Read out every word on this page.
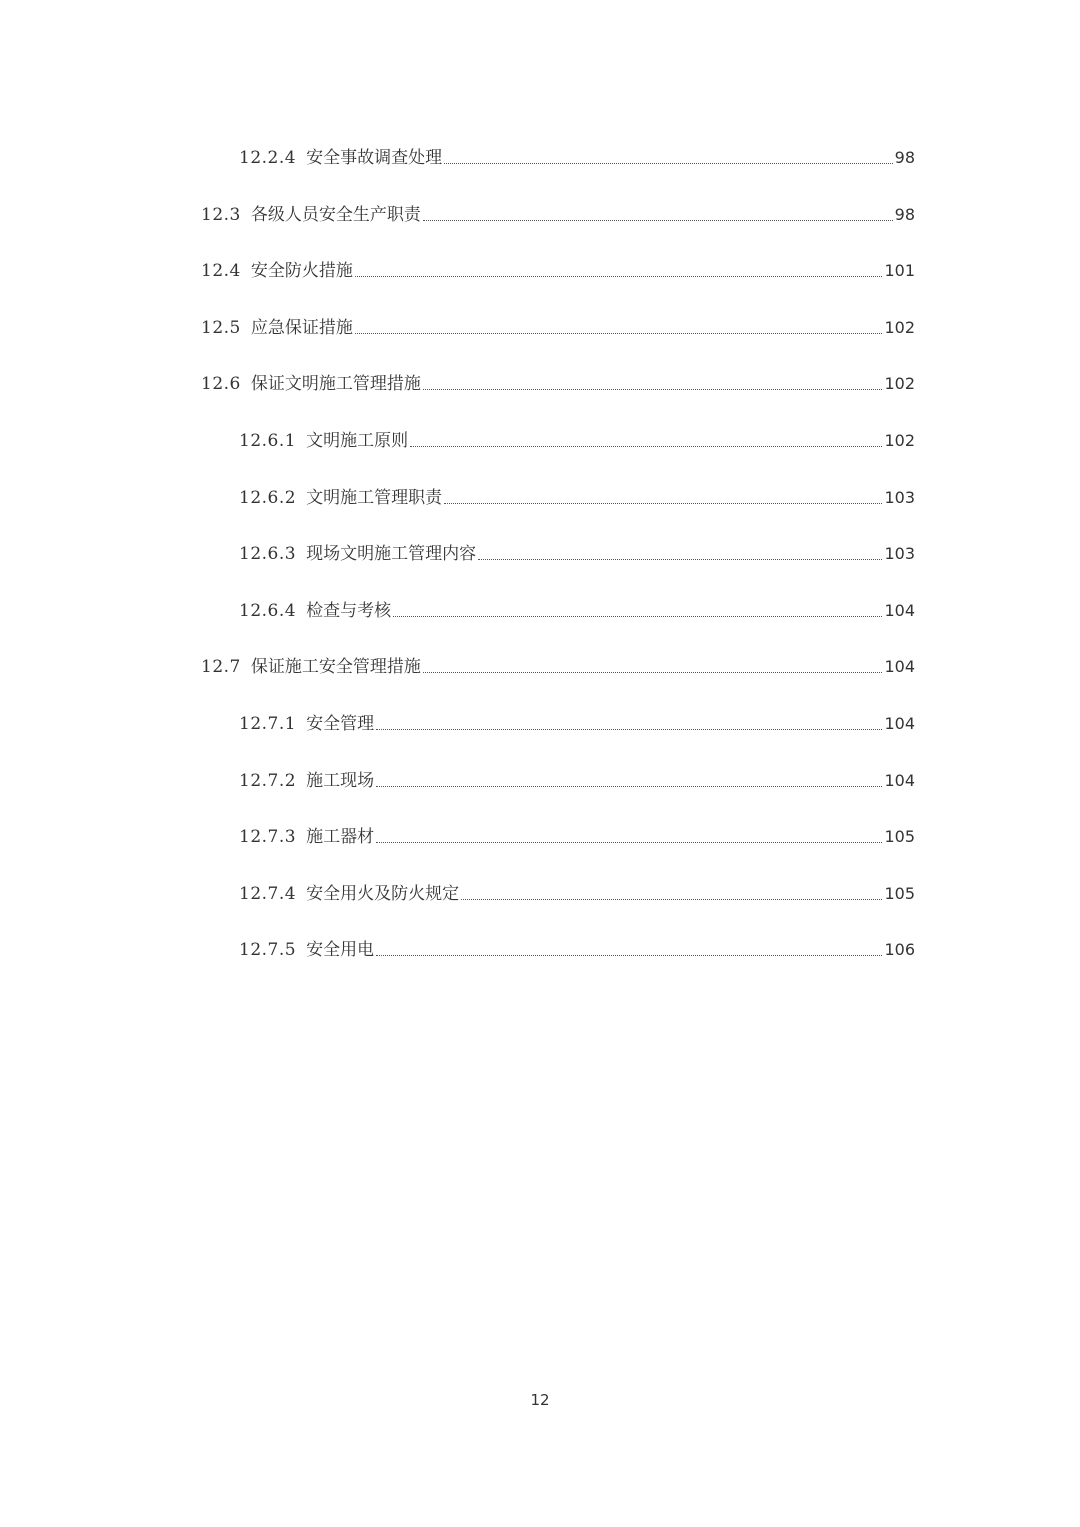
12.2.4 安全事故调查处理	98
12.3 各级人员安全生产职责	98
12.4 安全防火措施	101
12.5 应急保证措施	102
12.6 保证文明施工管理措施	102
12.6.1 文明施工原则	102
12.6.2 文明施工管理职责	103
12.6.3 现场文明施工管理内容	103
12.6.4 检查与考核	104
12.7 保证施工安全管理措施	104
12.7.1 安全管理	104
12.7.2 施工现场	104
12.7.3 施工器材	105
12.7.4 安全用火及防火规定	105
12.7.5 安全用电	106
12
